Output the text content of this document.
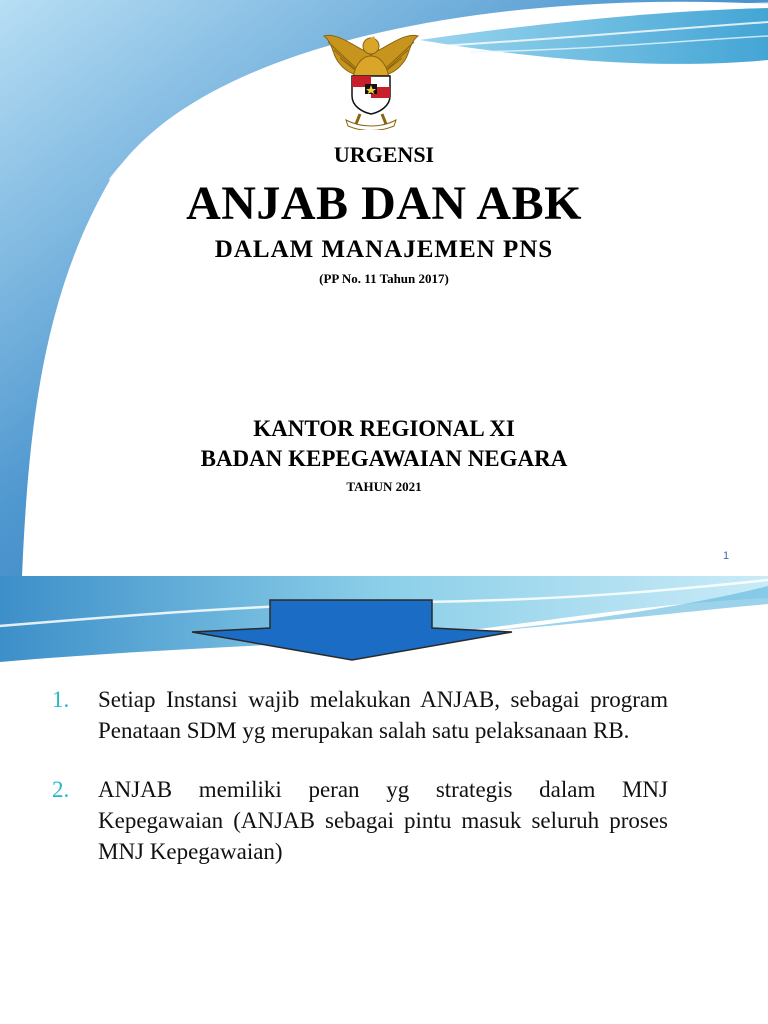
URGENSI
ANJAB DAN ABK
DALAM MANAJEMEN PNS
(PP No. 11 Tahun 2017)
KANTOR REGIONAL XI
BADAN KEPEGAWAIAN NEGARA
TAHUN 2021
1
1. Setiap Instansi wajib melakukan ANJAB, sebagai program Penataan SDM yg merupakan salah satu pelaksanaan RB.
2. ANJAB memiliki peran yg strategis dalam MNJ Kepegawaian (ANJAB sebagai pintu masuk seluruh proses MNJ Kepegawaian)
